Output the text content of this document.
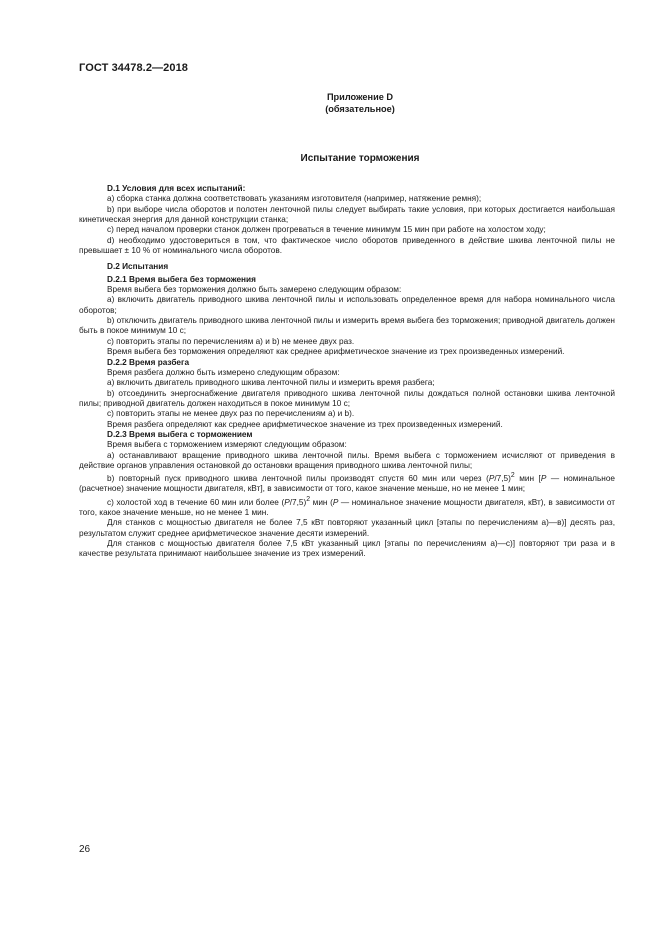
ГОСТ 34478.2—2018
Приложение D
(обязательное)
Испытание торможения

D.1 Условия для всех испытаний:

a) сборка станка должна соответствовать указаниям изготовителя (например, натяжение ремня);

b) при выборе числа оборотов и полотен ленточной пилы следует выбирать такие условия, при которых достигается наибольшая кинетическая энергия для данной конструкции станка;

c) перед началом проверки станок должен прогреваться в течение минимум 15 мин при работе на холостом ходу;

d) необходимо удостовериться в том, что фактическое число оборотов приведенного в действие шкива ленточной пилы не превышает ± 10 % от номинального числа оборотов.

D.2 Испытания

D.2.1 Время выбега без торможения

Время выбега без торможения должно быть замерено следующим образом:

a) включить двигатель приводного шкива ленточной пилы и использовать определенное время для набора номинального числа оборотов;

b) отключить двигатель приводного шкива ленточной пилы и измерить время выбега без торможения; приводной двигатель должен быть в покое минимум 10 с;

c) повторить этапы по перечислениям а) и b) не менее двух раз.

Время выбега без торможения определяют как среднее арифметическое значение из трех произведенных измерений.

D.2.2 Время разбега

Время разбега должно быть измерено следующим образом:

а) включить двигатель приводного шкива ленточной пилы и измерить время разбега;

b) отсоединить энергоснабжение двигателя приводного шкива ленточной пилы дождаться полной остановки шкива ленточной пилы; приводной двигатель должен находиться в покое минимум 10 с;

с) повторить этапы не менее двух раз по перечислениям а) и b).

Время разбега определяют как среднее арифметическое значение из трех произведенных измерений.

D.2.3 Время выбега с торможением

Время выбега с торможением измеряют следующим образом:

а) останавливают вращение приводного шкива ленточной пилы. Время выбега с торможением исчисляют от приведения в действие органов управления остановкой до остановки вращения приводного шкива ленточной пилы;

b) повторный пуск приводного шкива ленточной пилы производят спустя 60 мин или через $(P/7,5)^2$ мин [P — номинальное (расчетное) значение мощности двигателя, кВт], в зависимости от того, какое значение меньше, но не менее 1 мин;

с) холостой ход в течение 60 мин или более $(P/7,5)^2$ мин (P — номинальное значение мощности двигателя, кВт), в зависимости от того, какое значение меньше, но не менее 1 мин.

Для станков с мощностью двигателя не более 7,5 кВт повторяют указанный цикл [этапы по перечислениям а)—в)] десять раз, результатом служит среднее арифметическое значение десяти измерений.

Для станков с мощностью двигателя более 7,5 кВт указанный цикл [этапы по перечислениям а)—с)] повторяют три раза и в качестве результата принимают наибольшее значение из трех измерений.

26
